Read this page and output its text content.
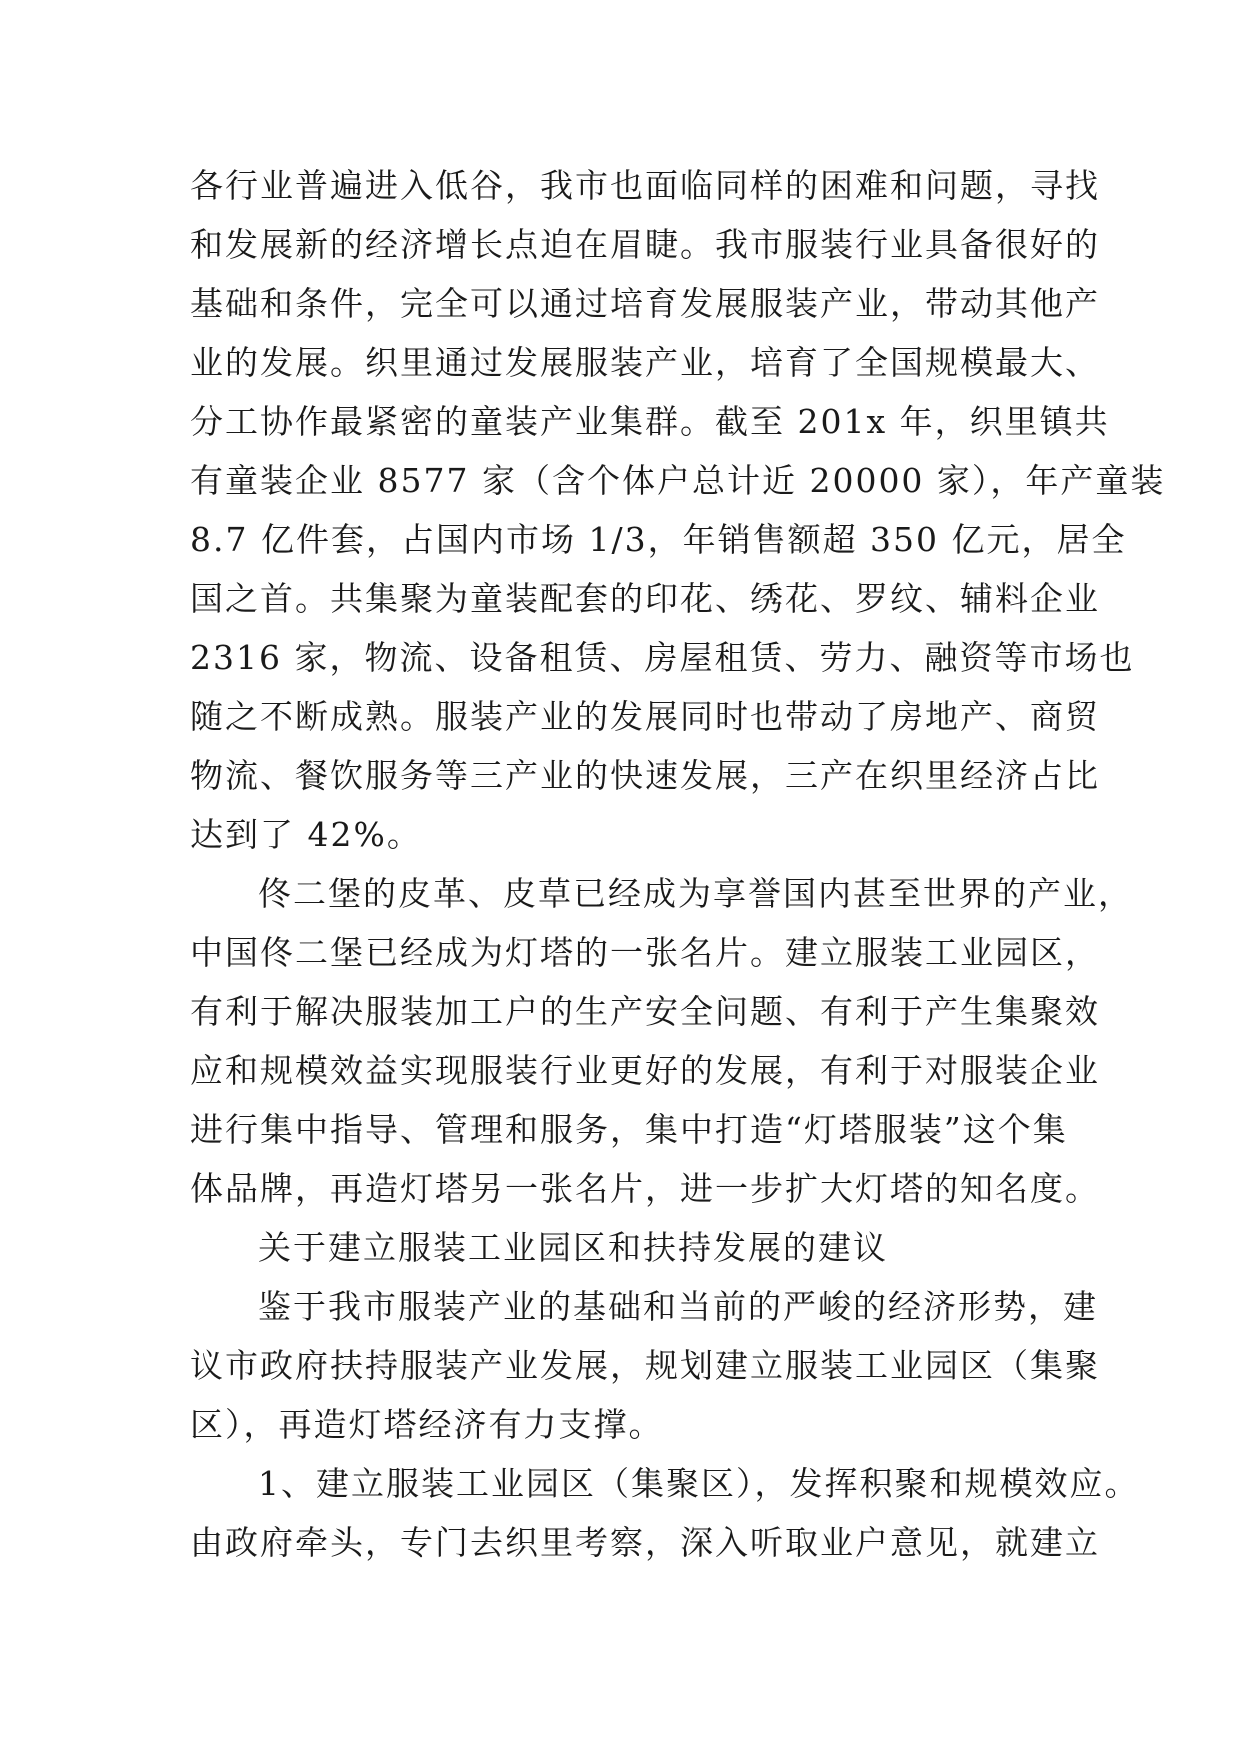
各行业普遍进入低谷，我市也面临同样的困难和问题，寻找
和发展新的经济增长点迫在眉睫。我市服装行业具备很好的
基础和条件，完全可以通过培育发展服装产业，带动其他产
业的发展。织里通过发展服装产业，培育了全国规模最大、
分工协作最紧密的童装产业集群。截至 201x 年，织里镇共
有童装企业 8577 家（含个体户总计近 20000 家），年产童装
8.7 亿件套，占国内市场 1/3，年销售额超 350 亿元，居全
国之首。共集聚为童装配套的印花、绣花、罗纹、辅料企业
2316 家，物流、设备租赁、房屋租赁、劳力、融资等市场也
随之不断成熟。服装产业的发展同时也带动了房地产、商贸
物流、餐饮服务等三产业的快速发展，三产在织里经济占比
达到了 42%。
佟二堡的皮革、皮草已经成为享誉国内甚至世界的产业，
中国佟二堡已经成为灯塔的一张名片。建立服装工业园区，
有利于解决服装加工户的生产安全问题、有利于产生集聚效
应和规模效益实现服装行业更好的发展，有利于对服装企业
进行集中指导、管理和服务，集中打造“灯塔服装”这个集
体品牌，再造灯塔另一张名片，进一步扩大灯塔的知名度。
关于建立服装工业园区和扶持发展的建议
鉴于我市服装产业的基础和当前的严峻的经济形势，建
议市政府扶持服装产业发展，规划建立服装工业园区（集聚
区），再造灯塔经济有力支撑。
1、建立服装工业园区（集聚区），发挥积聚和规模效应。
由政府牵头，专门去织里考察，深入听取业户意见，就建立
